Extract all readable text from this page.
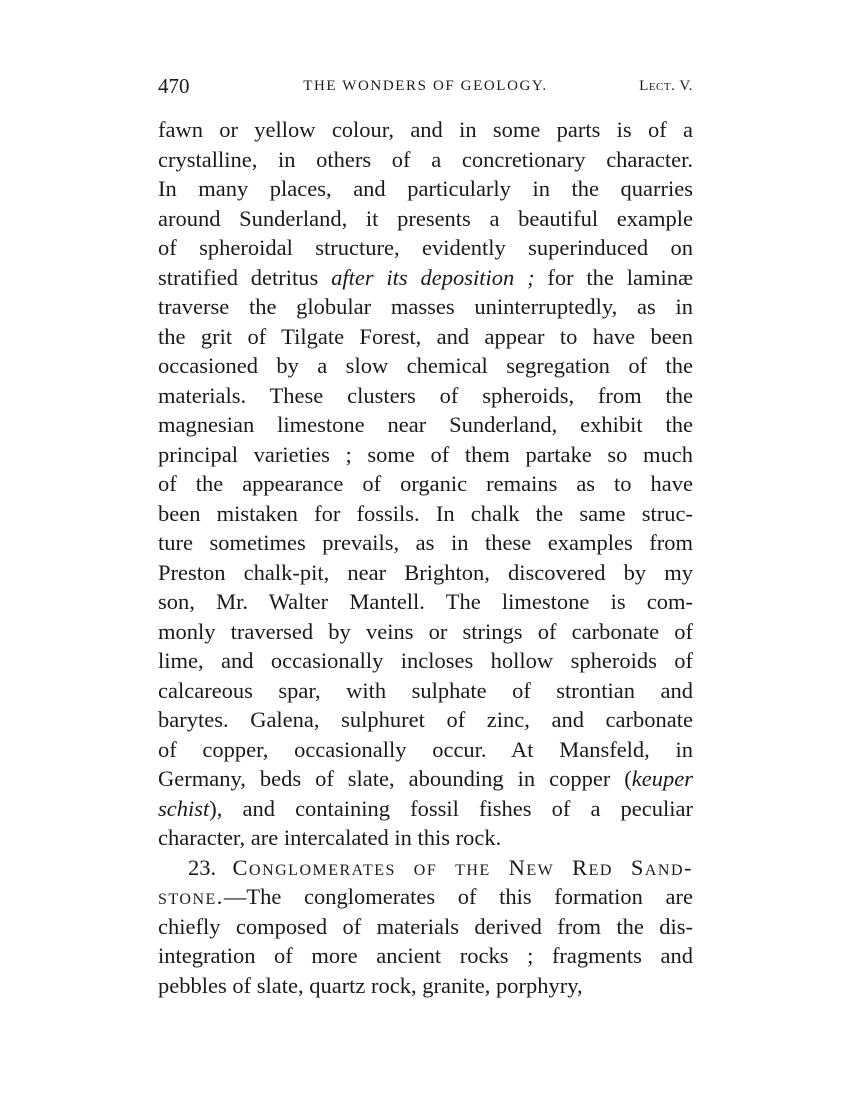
470	THE WONDERS OF GEOLOGY.	Lect. V.
fawn or yellow colour, and in some parts is of a
crystalline, in others of a concretionary character.
In many places, and particularly in the quarries
around Sunderland, it presents a beautiful example
of spheroidal structure, evidently superinduced on
stratified detritus after its deposition ; for the laminæ
traverse the globular masses uninterruptedly, as in
the grit of Tilgate Forest, and appear to have been
occasioned by a slow chemical segregation of the
materials. These clusters of spheroids, from the
magnesian limestone near Sunderland, exhibit the
principal varieties ; some of them partake so much
of the appearance of organic remains as to have
been mistaken for fossils. In chalk the same struc-
ture sometimes prevails, as in these examples from
Preston chalk-pit, near Brighton, discovered by my
son, Mr. Walter Mantell. The limestone is com-
monly traversed by veins or strings of carbonate of
lime, and occasionally incloses hollow spheroids of
calcareous spar, with sulphate of strontian and
barytes. Galena, sulphuret of zinc, and carbonate
of copper, occasionally occur. At Mansfeld, in
Germany, beds of slate, abounding in copper (keuper
schist), and containing fossil fishes of a peculiar
character, are intercalated in this rock.
23. Conglomerates of the New Red Sand-
stone.—The conglomerates of this formation are
chiefly composed of materials derived from the dis-
integration of more ancient rocks ; fragments and
pebbles of slate, quartz rock, granite, porphyry,
